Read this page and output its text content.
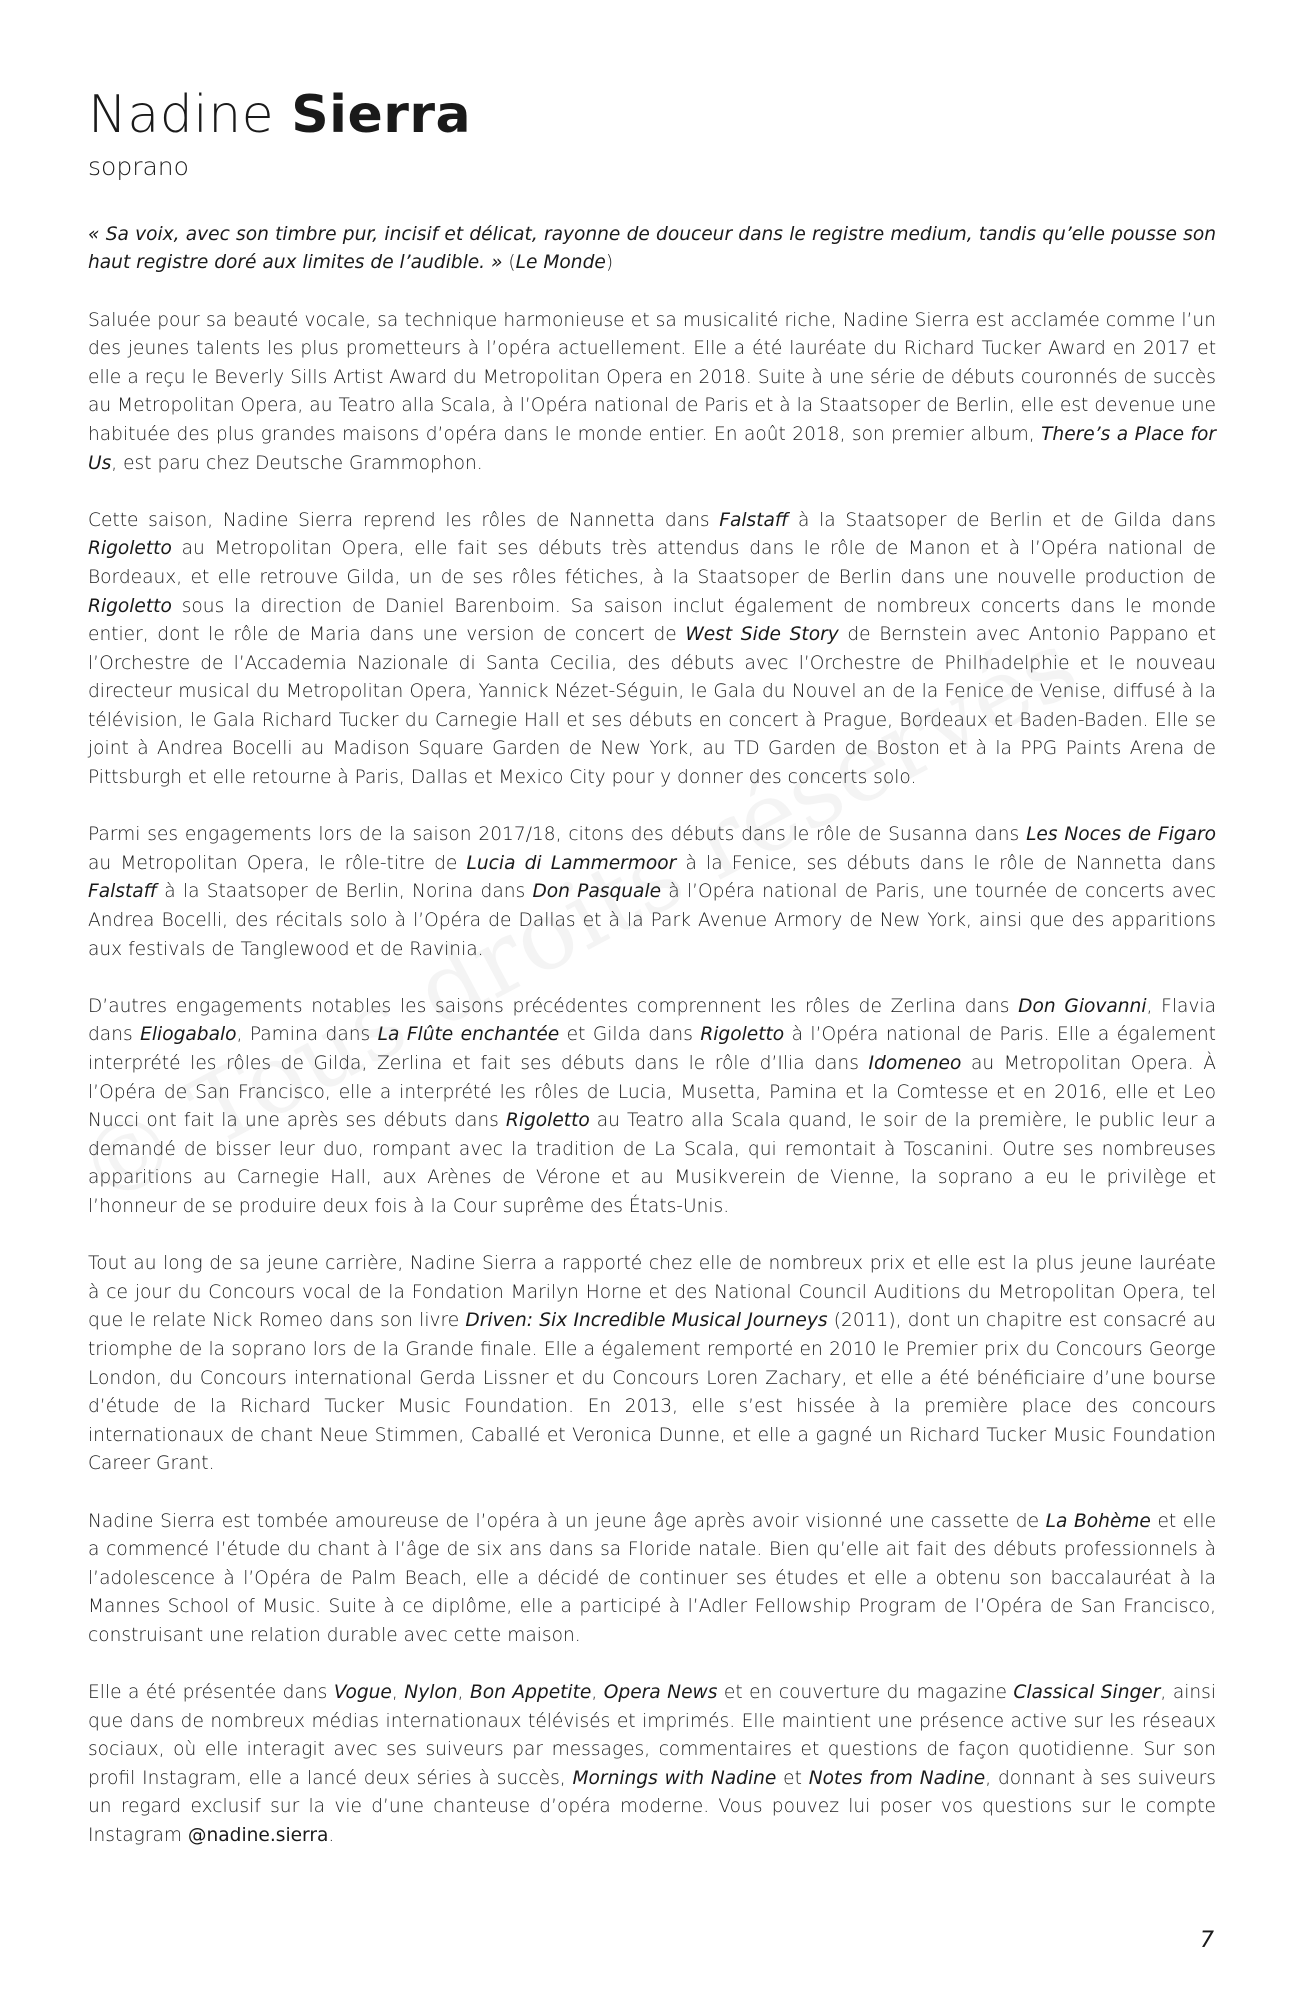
Nadine Sierra
soprano

« Sa voix, avec son timbre pur, incisif et délicat, rayonne de douceur dans le registre medium, tandis qu’elle pousse son haut registre doré aux limites de l’audible. » (Le Monde)

Saluée pour sa beauté vocale, sa technique harmonieuse et sa musicalité riche, Nadine Sierra est acclamée comme l’un des jeunes talents les plus prometteurs à l’opéra actuellement. Elle a été lauréate du Richard Tucker Award en 2017 et elle a reçu le Beverly Sills Artist Award du Metropolitan Opera en 2018. Suite à une série de débuts couronnés de succès au Metropolitan Opera, au Teatro alla Scala, à l’Opéra national de Paris et à la Staatsoper de Berlin, elle est devenue une habituée des plus grandes maisons d’opéra dans le monde entier. En août 2018, son premier album, There’s a Place for Us, est paru chez Deutsche Grammophon.

Cette saison, Nadine Sierra reprend les rôles de Nannetta dans Falstaff à la Staatsoper de Berlin et de Gilda dans Rigoletto au Metropolitan Opera, elle fait ses débuts très attendus dans le rôle de Manon et à l’Opéra national de Bordeaux, et elle retrouve Gilda, un de ses rôles fétiches, à la Staatsoper de Berlin dans une nouvelle production de Rigoletto sous la direction de Daniel Barenboim. Sa saison inclut également de nombreux concerts dans le monde entier, dont le rôle de Maria dans une version de concert de West Side Story de Bernstein avec Antonio Pappano et l’Orchestre de l’Accademia Nazionale di Santa Cecilia, des débuts avec l’Orchestre de Philhadelphie et le nouveau directeur musical du Metropolitan Opera, Yannick Nézet-Séguin, le Gala du Nouvel an de la Fenice de Venise, diffusé à la télévision, le Gala Richard Tucker du Carnegie Hall et ses débuts en concert à Prague, Bordeaux et Baden-Baden. Elle se joint à Andrea Bocelli au Madison Square Garden de New York, au TD Garden de Boston et à la PPG Paints Arena de Pittsburgh et elle retourne à Paris, Dallas et Mexico City pour y donner des concerts solo.

Parmi ses engagements lors de la saison 2017/18, citons des débuts dans le rôle de Susanna dans Les Noces de Figaro au Metropolitan Opera, le rôle-titre de Lucia di Lammermoor à la Fenice, ses débuts dans le rôle de Nannetta dans Falstaff à la Staatsoper de Berlin, Norina dans Don Pasquale à l’Opéra national de Paris, une tournée de concerts avec Andrea Bocelli, des récitals solo à l’Opéra de Dallas et à la Park Avenue Armory de New York, ainsi que des apparitions aux festivals de Tanglewood et de Ravinia.

D’autres engagements notables les saisons précédentes comprennent les rôles de Zerlina dans Don Giovanni, Flavia dans Eliogabalo, Pamina dans La Flûte enchantée et Gilda dans Rigoletto à l’Opéra national de Paris. Elle a également interprété les rôles de Gilda, Zerlina et fait ses débuts dans le rôle d’Ilia dans Idomeneo au Metropolitan Opera. À l’Opéra de San Francisco, elle a interprété les rôles de Lucia, Musetta, Pamina et la Comtesse et en 2016, elle et Leo Nucci ont fait la une après ses débuts dans Rigoletto au Teatro alla Scala quand, le soir de la première, le public leur a demandé de bisser leur duo, rompant avec la tradition de La Scala, qui remontait à Toscanini. Outre ses nombreuses apparitions au Carnegie Hall, aux Arènes de Vérone et au Musikverein de Vienne, la soprano a eu le privilège et l’honneur de se produire deux fois à la Cour suprême des États-Unis.

Tout au long de sa jeune carrière, Nadine Sierra a rapporté chez elle de nombreux prix et elle est la plus jeune lauréate à ce jour du Concours vocal de la Fondation Marilyn Horne et des National Council Auditions du Metropolitan Opera, tel que le relate Nick Romeo dans son livre Driven: Six Incredible Musical Journeys (2011), dont un chapitre est consacré au triomphe de la soprano lors de la Grande finale. Elle a également remporté en 2010 le Premier prix du Concours George London, du Concours international Gerda Lissner et du Concours Loren Zachary, et elle a été bénéficiaire d’une bourse d’étude de la Richard Tucker Music Foundation. En 2013, elle s’est hissée à la première place des concours internationaux de chant Neue Stimmen, Caballé et Veronica Dunne, et elle a gagné un Richard Tucker Music Foundation Career Grant.

Nadine Sierra est tombée amoureuse de l’opéra à un jeune âge après avoir visionné une cassette de La Bohème et elle a commencé l’étude du chant à l’âge de six ans dans sa Floride natale. Bien qu’elle ait fait des débuts professionnels à l’adolescence à l’Opéra de Palm Beach, elle a décidé de continuer ses études et elle a obtenu son baccalauréat à la Mannes School of Music. Suite à ce diplôme, elle a participé à l’Adler Fellowship Program de l’Opéra de San Francisco, construisant une relation durable avec cette maison.

Elle a été présentée dans Vogue, Nylon, Bon Appetite, Opera News et en couverture du magazine Classical Singer, ainsi que dans de nombreux médias internationaux télévisés et imprimés. Elle maintient une présence active sur les réseaux sociaux, où elle interagit avec ses suiveurs par messages, commentaires et questions de façon quotidienne. Sur son profil Instagram, elle a lancé deux séries à succès, Mornings with Nadine et Notes from Nadine, donnant à ses suiveurs un regard exclusif sur la vie d’une chanteuse d’opéra moderne. Vous pouvez lui poser vos questions sur le compte Instagram @nadine.sierra.

7
